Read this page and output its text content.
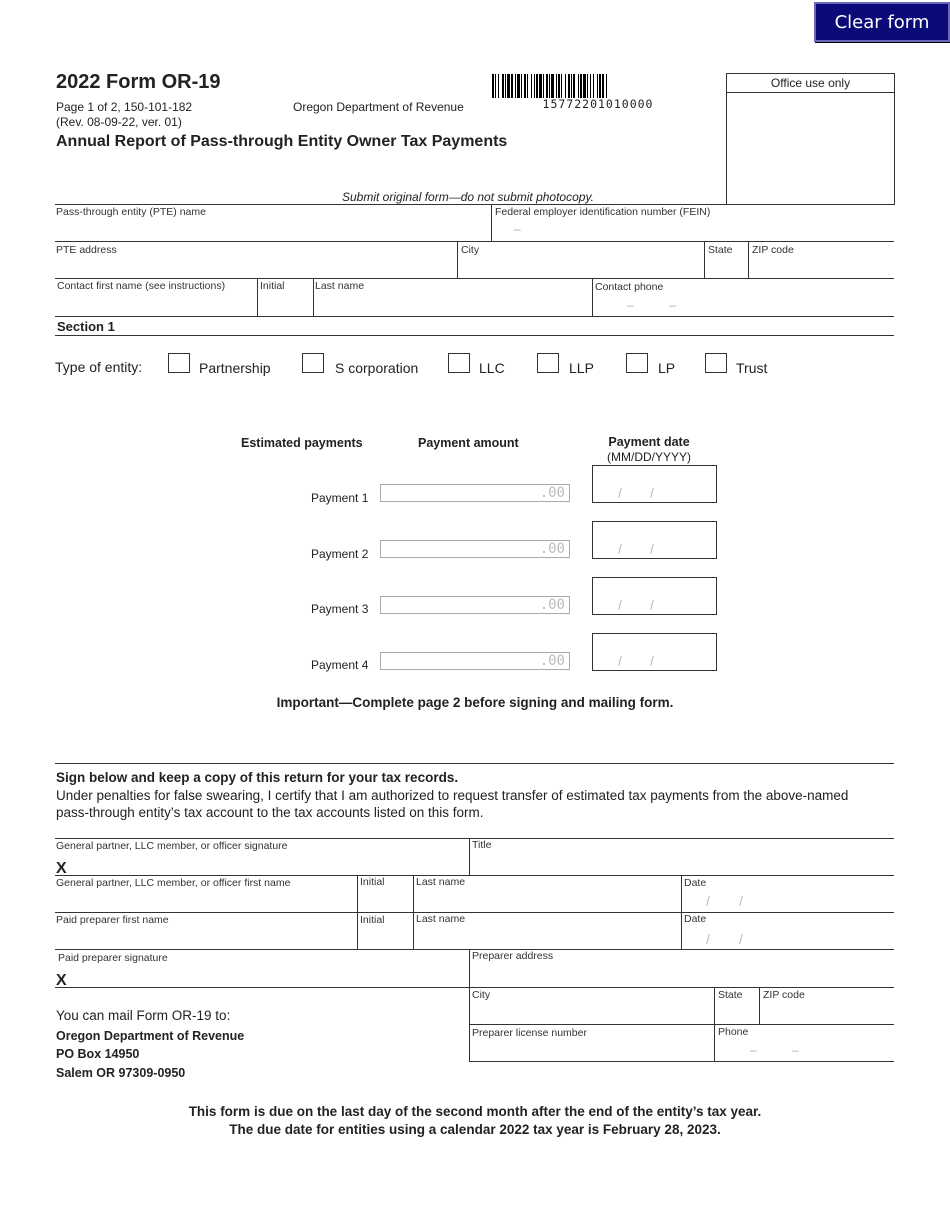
Clear form
2022 Form OR-19
Page 1 of 2, 150-101-182
(Rev. 08-09-22, ver. 01)
Oregon Department of Revenue	15772201010000
Office use only
Annual Report of Pass-through Entity Owner Tax Payments
Submit original form—do not submit photocopy.
Pass-through entity (PTE) name	Federal employer identification number (FEIN)
–
PTE address	City	State ZIP code
Contact first name (see instructions)	Initial	Last name	Contact phone
– –
Section 1
Type of entity:	Partnership	S corporation	LLC	LLP	LP	Trust
Estimated payments	Payment amount	Payment date
(MM/DD/YYYY)
Payment 1	.00	/ /
Payment 2	.00	/ /
Payment 3	.00	/ /
Payment 4	.00	/ /
Important—Complete page 2 before signing and mailing form.
Sign below and keep a copy of this return for your tax records.
Under penalties for false swearing, I certify that I am authorized to request transfer of estimated tax payments from the above-named pass-through entity’s tax account to the tax accounts listed on this form.
General partner, LLC member, or officer signature
X
Title
General partner, LLC member, or officer first name	Initial	Last name	Date
/ /
Paid preparer first name	Initial	Last name	Date
/ /
Paid preparer signature
X
Preparer address
City	State ZIP code
Preparer license number	Phone
– –
You can mail Form OR-19 to:
Oregon Department of Revenue
PO Box 14950
Salem OR 97309-0950
This form is due on the last day of the second month after the end of the entity’s tax year.
The due date for entities using a calendar 2022 tax year is February 28, 2023.
